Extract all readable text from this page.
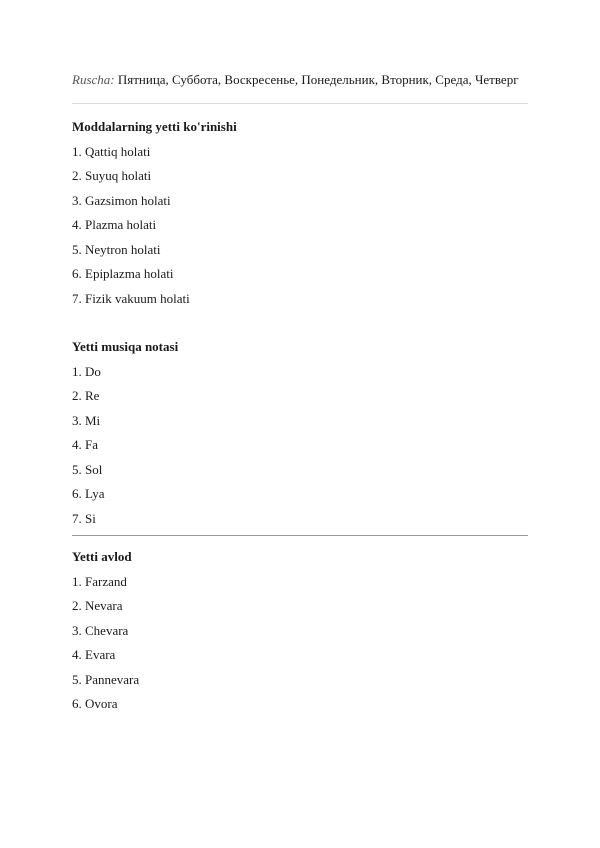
Ruscha: Пятница, Суббота, Воскресенье, Понедельник, Вторник, Среда, Четверг

Moddalarning yetti ko'rinishi
1. Qattiq holati
2. Suyuq holati
3. Gazsimon holati
4. Plazma holati
5. Neytron holati
6. Epiplazma holati
7. Fizik vakuum holati
Yetti musiqa notasi
1. Do
2. Re
3. Mi
4. Fa
5. Sol
6. Lya
7. Si
Yetti avlod
1. Farzand
2. Nevara
3. Chevara
4. Evara
5. Pannevara
6. Ovora
